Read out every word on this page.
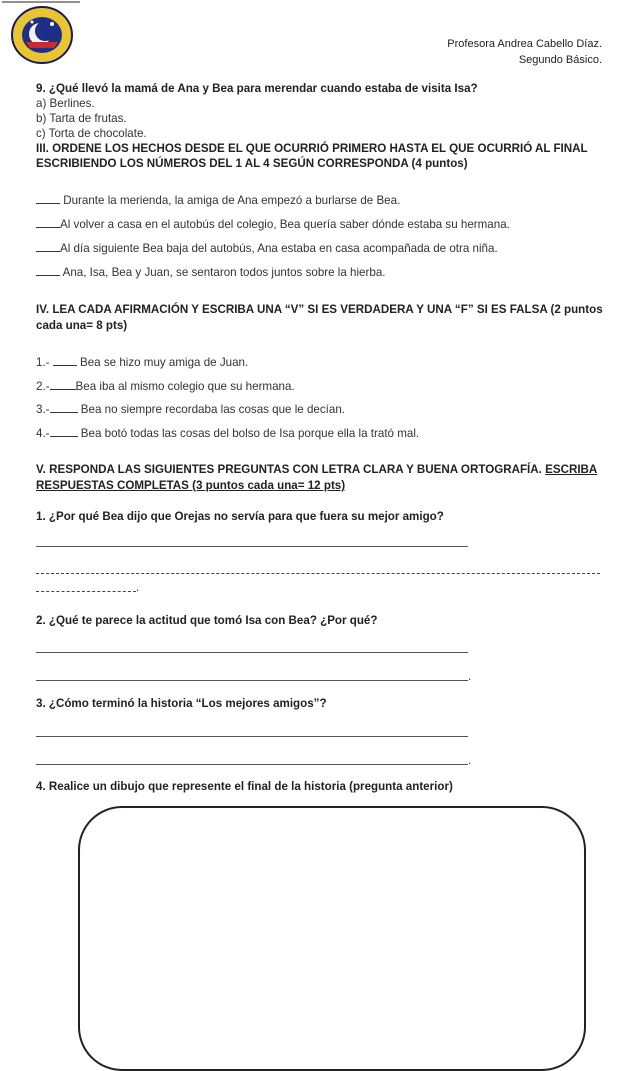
Profesora Andrea Cabello Díaz.
Segundo Básico.
9. ¿Qué llevó la mamá de Ana y Bea para merendar cuando estaba de visita Isa?
a) Berlines.
b) Tarta de frutas.
c) Torta de chocolate.
III. ORDENE LOS HECHOS DESDE EL QUE OCURRIÓ PRIMERO HASTA EL QUE OCURRIÓ AL FINAL
ESCRIBIENDO LOS NÚMEROS DEL 1 AL 4 SEGÚN CORRESPONDA (4 puntos)
Durante la merienda, la amiga de Ana empezó a burlarse de Bea.
Al volver a casa en el autobús del colegio, Bea quería saber dónde estaba su hermana.
Al día siguiente Bea baja del autobús, Ana estaba en casa acompañada de otra niña.
Ana, Isa, Bea y Juan, se sentaron todos juntos sobre la hierba.
IV. LEA CADA AFIRMACIÓN Y ESCRIBA UNA “V” SI ES VERDADERA Y UNA “F” SI ES FALSA (2 puntos
cada una= 8 pts)
1.-	Bea se hizo muy amiga de Juan.
2.- Bea iba al mismo colegio que su hermana.
3.-	Bea no siempre recordaba las cosas que le decían.
4.-	Bea botó todas las cosas del bolso de Isa porque ella la trató mal.
V. RESPONDA LAS SIGUIENTES PREGUNTAS CON LETRA CLARA Y BUENA ORTOGRAFÍA. ESCRIBA
RESPUESTAS COMPLETAS (3 puntos cada una= 12 pts)
1. ¿Por qué Bea dijo que Orejas no servía para que fuera su mejor amigo?
.
2. ¿Qué te parece la actitud que tomó Isa con Bea? ¿Por qué?
.
3. ¿Cómo terminó la historia “Los mejores amigos”?
.
4. Realice un dibujo que represente el final de la historia (pregunta anterior)
